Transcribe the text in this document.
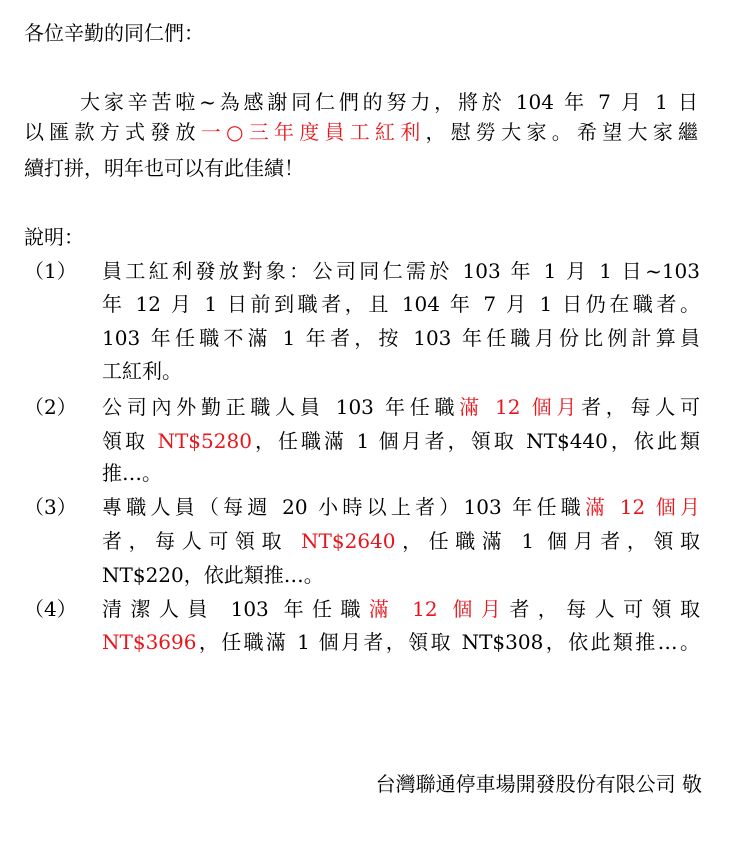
各位辛勤的同仁們：
大家辛苦啦~為感謝同仁們的努力，將於 104 年 7 月 1 日
以匯款方式發放一○三年度員工紅利，慰勞大家。希望大家繼
續打拼，明年也可以有此佳績！
說明：
（1） 員工紅利發放對象：公司同仁需於 103 年 1 月 1 日~103
年 12 月 1 日前到職者，且 104 年 7 月 1 日仍在職者。
103 年任職不滿 1 年者，按 103 年任職月份比例計算員
工紅利。
（2） 公司內外勤正職人員 103 年任職滿 12 個月者，每人可
領取 NT$5280，任職滿 1 個月者，領取 NT$440，依此類
推…。
（3） 專職人員（每週 20 小時以上者）103 年任職滿 12 個月
者，每人可領取 NT$2640，任職滿 1 個月者，領取
NT$220，依此類推…。
（4） 清潔人員 103 年任職滿 12 個月者，每人可領取
NT$3696，任職滿 1 個月者，領取 NT$308，依此類推…。
台灣聯通停車場開發股份有限公司 敬
